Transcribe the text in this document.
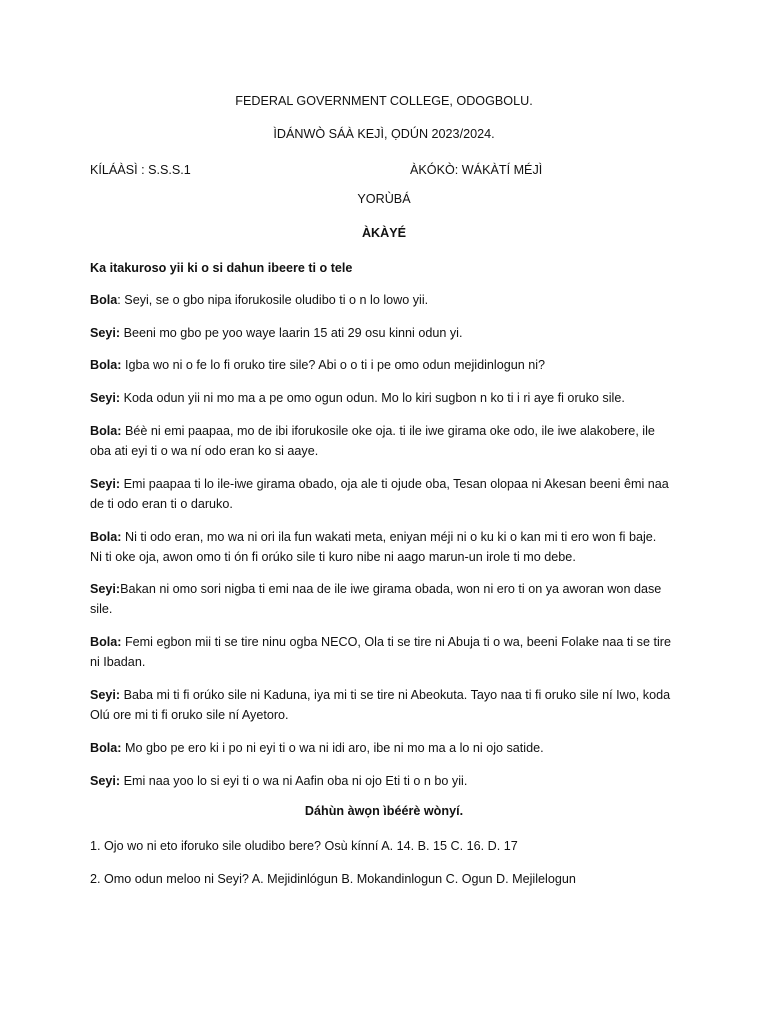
FEDERAL GOVERNMENT COLLEGE, ODOGBOLU.
ÌDÁNWÒ SÁÀ KEJÌ, ỌDÚN 2023/2024.
KÍLÁÀSÌ : S.S.S.1	ÀKÓKÒ: WÁKÀTÍ MÉJÌ
YORÙBÁ
ÀKÀYÉ
Ka itakuroso yii ki o si dahun ibeere ti o tele
Bola: Seyi, se o gbo nipa iforukosile oludibo ti o n lo lowo yii.
Seyi: Beeni mo gbo pe yoo waye laarin 15 ati 29 osu kinni odun yi.
Bola: Igba wo ni o fe lo fi oruko tire sile? Abi o o ti i pe omo odun mejidinlogun ni?
Seyi: Koda odun yii ni mo ma a pe omo ogun odun. Mo lo kiri sugbon n ko ti i ri aye fi oruko sile.
Bola: Béè ni emi paapaa, mo de ibi iforukosile oke oja. ti ile iwe girama oke odo, ile iwe alakobere, ile
oba ati eyi ti o wa ní odo eran ko si aaye.
Seyi: Emi paapaa ti lo ile-iwe girama obado, oja ale ti ojude oba, Tesan olopaa ni Akesan beeni êmi naa
de ti odo eran ti o daruko.
Bola: Ni ti odo eran, mo wa ni ori ila fun wakati meta, eniyan méji ni o ku ki o kan mi ti ero won fi baje.
Ni ti oke oja, awon omo ti ón fi orúko sile ti kuro nibe ni aago marun-un irole ti mo debe.
Seyi:Bakan ni omo sori nigba ti emi naa de ile iwe girama obada, won ni ero ti on ya aworan won dase
sile.
Bola: Femi egbon mii ti se tire ninu ogba NECO, Ola ti se tire ni Abuja ti o wa, beeni Folake naa ti se tire
ni Ibadan.
Seyi: Baba mi ti fi orúko sile ni Kaduna, iya mi ti se tire ni Abeokuta. Tayo naa ti fi oruko sile ní Iwo, koda
Olú ore mi ti fi oruko sile ní Ayetoro.
Bola: Mo gbo pe ero ki i po ni eyi ti o wa ni idi aro, ibe ni mo ma a lo ni ojo satide.
Seyi: Emi naa yoo lo si eyi ti o wa ni Aafin oba ni ojo Eti ti o n bo yii.
Dáhùn àwọn ìbéérè wònyí.
1. Ojo wo ni eto iforuko sile oludibo bere? Osù kínní A. 14. B. 15 C. 16. D. 17
2. Omo odun meloo ni Seyi? A. Mejidinlógun B. Mokandinlogun C. Ogun D. Mejilelogun
